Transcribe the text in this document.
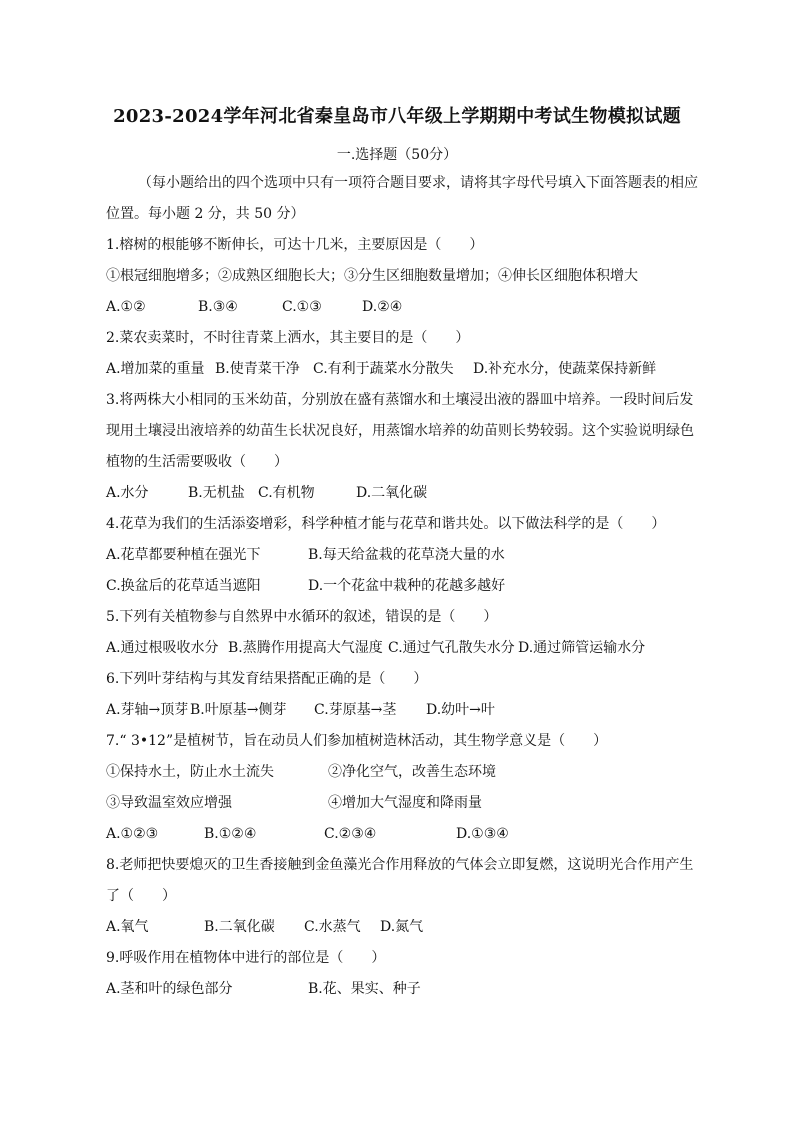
2023-2024学年河北省秦皇岛市八年级上学期期中考试生物模拟试题
一.选择题（50分）
（每小题给出的四个选项中只有一项符合题目要求，请将其字母代号填入下面答题表的相应
位置。每小题 2 分，共 50 分）
1.榕树的根能够不断伸长，可达十几米，主要原因是（　　）
①根冠细胞增多；②成熟区细胞长大；③分生区细胞数量增加；④伸长区细胞体积增大
A.①②	B.③④	C.①③	D.②④
2.菜农卖菜时，不时往青菜上洒水，其主要目的是（　　）
A.增加菜的重量 B.使青菜干净 C.有利于蔬菜水分散失 D.补充水分，使蔬菜保持新鲜
3.将两株大小相同的玉米幼苗，分别放在盛有蒸馏水和土壤浸出液的器皿中培养。一段时间后发
现用土壤浸出液培养的幼苗生长状况良好，用蒸馏水培养的幼苗则长势较弱。这个实验说明绿色
植物的生活需要吸收（　　）
A.水分	B.无机盐 C.有机物	D.二氧化碳
4.花草为我们的生活添姿增彩，科学种植才能与花草和谐共处。以下做法科学的是（　　）
A.花草都要种植在强光下	B.每天给盆栽的花草浇大量的水
C.换盆后的花草适当遮阳	D.一个花盆中栽种的花越多越好
5.下列有关植物参与自然界中水循环的叙述，错误的是（　　）
A.通过根吸收水分 B.蒸腾作用提高大气湿度 C.通过气孔散失水分 D.通过筛管运输水分
6.下列叶芽结构与其发育结果搭配正确的是（　　）
A.芽轴→顶芽 B.叶原基→侧芽 C.芽原基→茎 D.幼叶→叶
7.“ 3•12”是植树节，旨在动员人们参加植树造林活动，其生物学意义是（　　）
①保持水土，防止水土流失	②净化空气，改善生态环境
③导致温室效应增强	④增加大气湿度和降雨量
A.①②③	B.①②④	C.②③④	D.①③④
8.老师把快要熄灭的卫生香接触到金鱼藻光合作用释放的气体会立即复燃，这说明光合作用产生
了（　　）
A.氧气	B.二氧化碳 C.水蒸气 D.氮气
9.呼吸作用在植物体中进行的部位是（　　）
A.茎和叶的绿色部分	B.花、果实、种子
